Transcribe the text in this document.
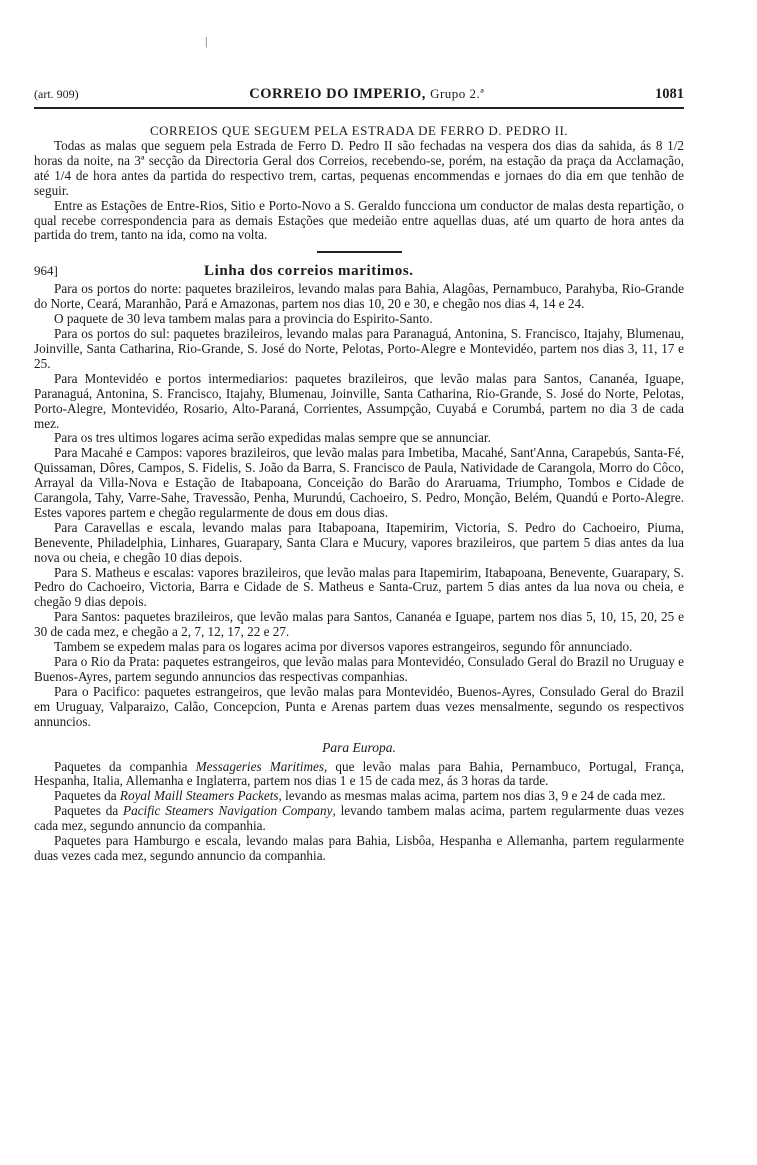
|
(art. 909)	CORREIO DO IMPERIO, Grupo 2.ª	1081
CORREIOS QUE SEGUEM PELA ESTRADA DE FERRO D. PEDRO II.

Todas as malas que seguem pela Estrada de Ferro D. Pedro II são fechadas na vespera dos dias da sahida, ás 8 1/2 horas da noite, na 3ª secção da Directoria Geral dos Correios, recebendo-se, porém, na estação da praça da Acclamação, até 1/4 de hora antes da partida do respectivo trem, cartas, pequenas encommendas e jornaes do dia em que tenhão de seguir.

Entre as Estações de Entre-Rios, Sitio e Porto-Novo a S. Geraldo funcciona um conductor de malas desta repartição, o qual recebe correspondencia para as demais Estações que medeião entre aquellas duas, até um quarto de hora antes da partida do trem, tanto na ida, como na volta.

964]	Linha dos correios maritimos.

Para os portos do norte: paquetes brazileiros, levando malas para Bahia, Alagôas, Pernambuco, Parahyba, Rio-Grande do Norte, Ceará, Maranhão, Pará e Amazonas, partem nos dias 10, 20 e 30, e chegão nos dias 4, 14 e 24.

O paquete de 30 leva tambem malas para a provincia do Espirito-Santo.

Para os portos do sul: paquetes brazileiros, levando malas para Paranaguá, Antonina, S. Francisco, Itajahy, Blumenau, Joinville, Santa Catharina, Rio-Grande, S. José do Norte, Pelotas, Porto-Alegre e Montevidéo, partem nos dias 3, 11, 17 e 25.

Para Montevidéo e portos intermediarios: paquetes brazileiros, que levão malas para Santos, Cananéa, Iguape, Paranaguá, Antonina, S. Francisco, Itajahy, Blumenau, Joinville, Santa Catharina, Rio-Grande, S. José do Norte, Pelotas, Porto-Alegre, Montevidéo, Rosario, Alto-Paraná, Corrientes, Assumpção, Cuyabá e Corumbá, partem no dia 3 de cada mez.

Para os tres ultimos logares acima serão expedidas malas sempre que se annunciar.

Para Macahé e Campos: vapores brazileiros, que levão malas para Imbetiba, Macahé, Sant'Anna, Carapebús, Santa-Fé, Quissaman, Dôres, Campos, S. Fidelis, S. João da Barra, S. Francisco de Paula, Natividade de Carangola, Morro do Côco, Arrayal da Villa-Nova e Estação de Itabapoana, Conceição do Barão do Araruama, Triumpho, Tombos e Cidade de Carangola, Tahy, Varre-Sahe, Travessão, Penha, Murundú, Cachoeiro, S. Pedro, Monção, Belém, Quandú e Porto-Alegre. Estes vapores partem e chegão regularmente de dous em dous dias.

Para Caravellas e escala, levando malas para Itabapoana, Itapemirim, Victoria, S. Pedro do Cachoeiro, Piuma, Benevente, Philadelphia, Linhares, Guarapary, Santa Clara e Mucury, vapores brazileiros, que partem 5 dias antes da lua nova ou cheia, e chegão 10 dias depois.

Para S. Matheus e escalas: vapores brazileiros, que levão malas para Itapemirim, Itabapoana, Benevente, Guarapary, S. Pedro do Cachoeiro, Victoria, Barra e Cidade de S. Matheus e Santa-Cruz, partem 5 dias antes da lua nova ou cheia, e chegão 9 dias depois.

Para Santos: paquetes brazileiros, que levão malas para Santos, Cananéa e Iguape, partem nos dias 5, 10, 15, 20, 25 e 30 de cada mez, e chegão a 2, 7, 12, 17, 22 e 27.

Tambem se expedem malas para os logares acima por diversos vapores estrangeiros, segundo fôr annunciado.

Para o Rio da Prata: paquetes estrangeiros, que levão malas para Montevidéo, Consulado Geral do Brazil no Uruguay e Buenos-Ayres, partem segundo annuncios das respectivas companhias.

Para o Pacifico: paquetes estrangeiros, que levão malas para Montevidéo, Buenos-Ayres, Consulado Geral do Brazil em Uruguay, Valparaizo, Calão, Concepcion, Punta e Arenas partem duas vezes mensalmente, segundo os respectivos annuncios.

Para Europa.

Paquetes da companhia Messageries Maritimes, que levão malas para Bahia, Pernambuco, Portugal, França, Hespanha, Italia, Allemanha e Inglaterra, partem nos dias 1 e 15 de cada mez, ás 3 horas da tarde.

Paquetes da Royal Maill Steamers Packets, levando as mesmas malas acima, partem nos dias 3, 9 e 24 de cada mez.

Paquetes da Pacific Steamers Navigation Company, levando tambem malas acima, partem regularmente duas vezes cada mez, segundo annuncio da companhia.

Paquetes para Hamburgo e escala, levando malas para Bahia, Lisbôa, Hespanha e Allemanha, partem regularmente duas vezes cada mez, segundo annuncio da companhia.
